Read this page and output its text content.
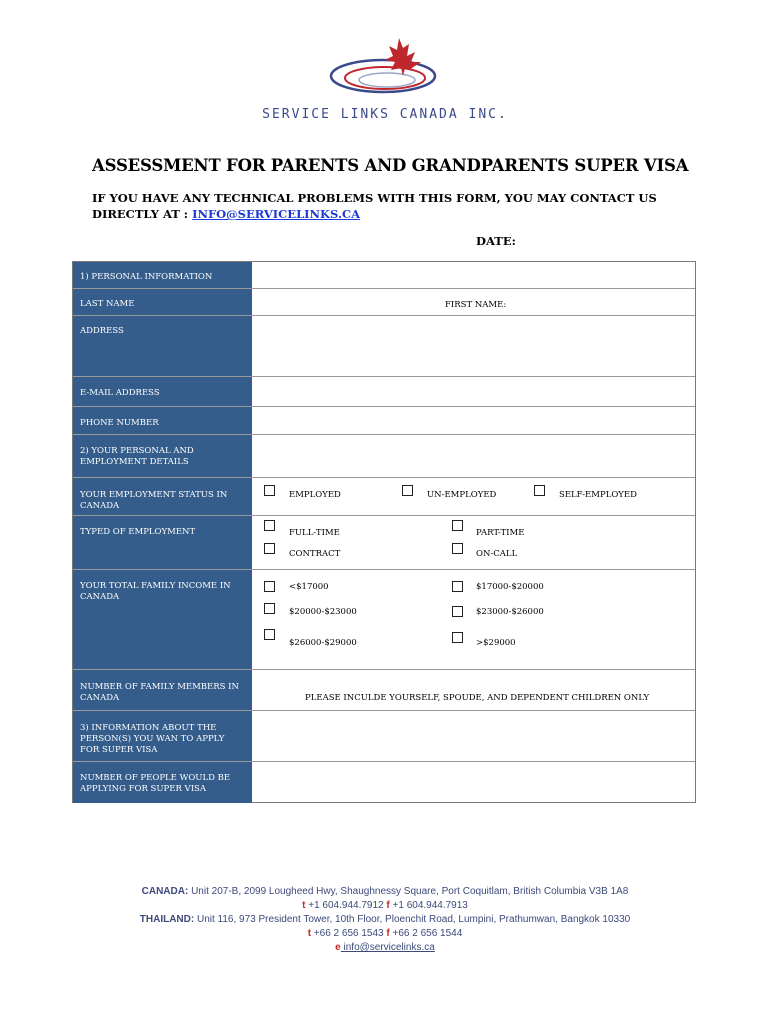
SERVICE LINKS CANADA INC.
ASSESSMENT FOR PARENTS AND GRANDPARENTS SUPER VISA
IF YOU HAVE ANY TECHNICAL PROBLEMS WITH THIS FORM, YOU MAY CONTACT US
DIRECTLY AT : INFO@SERVICELINKS.CA
DATE:
1) PERSONAL INFORMATION
LAST NAME	FIRST NAME:
ADDRESS
E-MAIL ADDRESS
PHONE NUMBER
2) YOUR PERSONAL AND EMPLOYMENT DETAILS
YOUR EMPLOYMENT STATUS IN CANADA
EMPLOYED	UN-EMPLOYED	SELF-EMPLOYED
TYPED OF EMPLOYMENT	FULL-TIME	PART-TIME
CONTRACT	ON-CALL
YOUR TOTAL FAMILY INCOME IN CANADA
<$17000	$17000-$20000
$20000-$23000	$23000-$26000
$26000-$29000	>$29000
NUMBER OF FAMILY MEMBERS IN CANADA	PLEASE INCULDE YOURSELF, SPOUDE, AND DEPENDENT CHILDREN ONLY
3) INFORMATION ABOUT THE PERSON(S) YOU WAN TO APPLY FOR SUPER VISA
NUMBER OF PEOPLE WOULD BE APPLYING FOR SUPER VISA
CANADA: Unit 207-B, 2099 Lougheed Hwy, Shaughnessy Square, Port Coquitlam, British Columbia V3B 1A8
t +1 604.944.7912 f +1 604.944.7913
THAILAND: Unit 116, 973 President Tower, 10th Floor, Ploenchit Road, Lumpini, Prathumwan, Bangkok 10330
t +66 2 656 1543 f +66 2 656 1544
e info@servicelinks.ca
